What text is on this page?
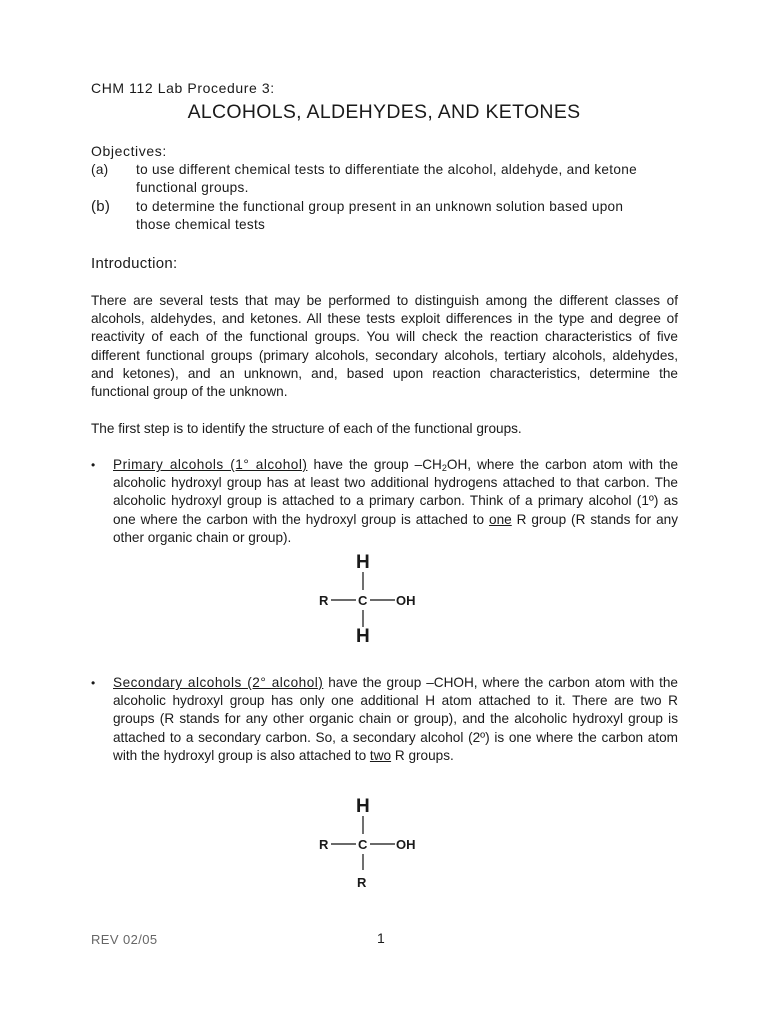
CHM 112 Lab Procedure 3:

ALCOHOLS, ALDEHYDES, AND KETONES

Objectives:

(a) to use different chemical tests to differentiate the alcohol, aldehyde, and ketone
functional groups.
(b) to determine the functional group present in an unknown solution based upon
those chemical tests

Introduction:

There are several tests that may be performed to distinguish among the different classes of alcohols, aldehydes, and ketones. All these tests exploit differences in the type and degree of reactivity of each of the functional groups. You will check the reaction characteristics of five different functional groups (primary alcohols, secondary alcohols, tertiary alcohols, aldehydes, and ketones), and an unknown, and, based upon reaction characteristics, determine the functional group of the unknown.

The first step is to identify the structure of each of the functional groups.

• Primary alcohols (1° alcohol) have the group $-CH_2OH$, where the carbon atom with the alcoholic hydroxyl group has at least two additional hydrogens attached to that carbon. The alcoholic hydroxyl group is attached to a primary carbon. Think of a primary alcohol (1º) as one where the carbon with the hydroxyl group is attached to one R group (R stands for any other organic chain or group).

H
R C OH
H
• Secondary alcohols (2° alcohol) have the group –CHOH, where the carbon atom with the alcoholic hydroxyl group has only one additional H atom attached to it. There are two R groups (R stands for any other organic chain or group), and the alcoholic hydroxyl group is attached to a secondary carbon. So, a secondary alcohol (2º) is one where the carbon atom with the hydroxyl group is also attached to two R groups.

H
R C OH
R

REV 02/05	1
